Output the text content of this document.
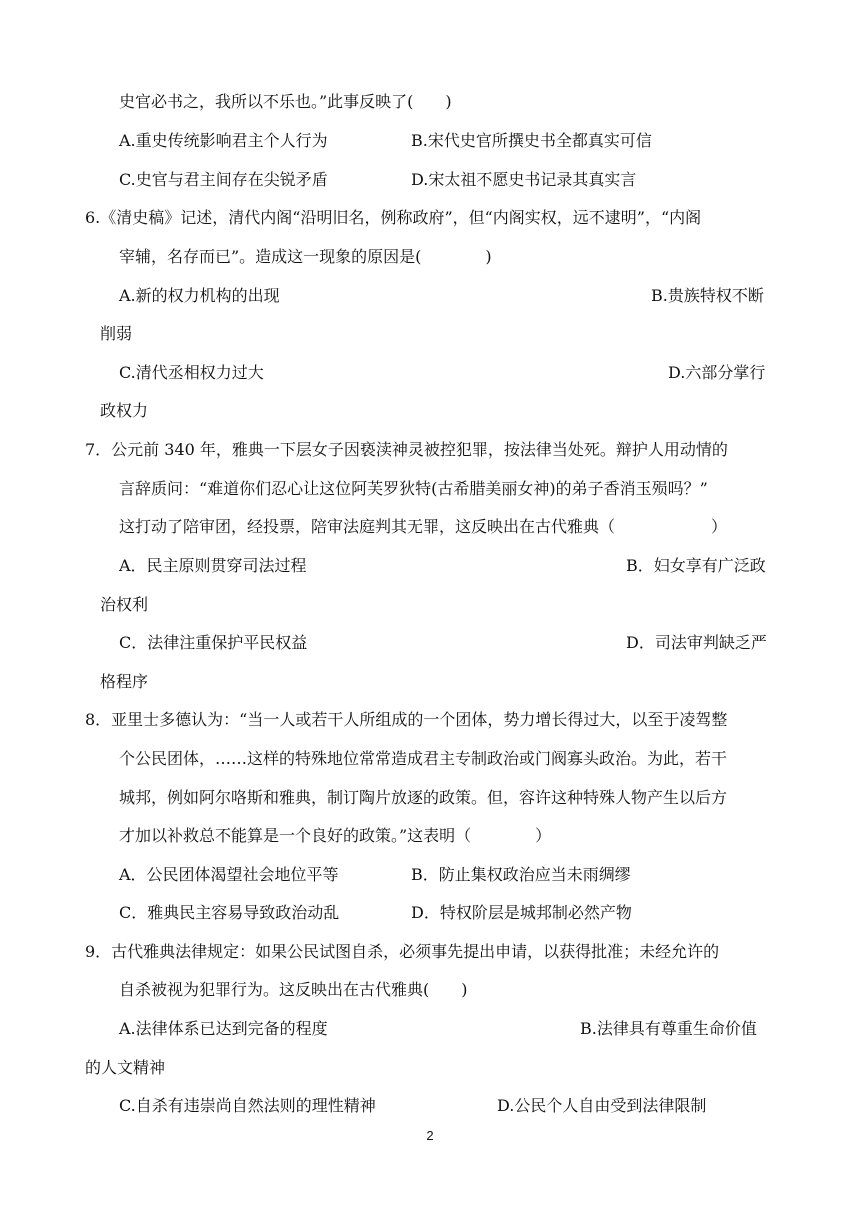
史官必书之，我所以不乐也。”此事反映了(　　)
A.重史传统影响君主个人行为	B.宋代史官所撰史书全都真实可信
C.史官与君主间存在尖锐矛盾	D.宋太祖不愿史书记录其真实言
6.《清史稿》记述，清代内阁“沿明旧名，例称政府”，但“内阁实权，远不逮明”，“内阁
宰辅，名存而已”。造成这一现象的原因是(　　　　)
A.新的权力机构的出现	B.贵族特权不断
削弱
C.清代丞相权力过大	D.六部分掌行
政权力
7．公元前 340 年，雅典一下层女子因亵渎神灵被控犯罪，按法律当处死。辩护人用动情的
言辞质问：“难道你们忍心让这位阿芙罗狄特(古希腊美丽女神)的弟子香消玉殒吗？”
这打动了陪审团，经投票，陪审法庭判其无罪，这反映出在古代雅典（　　　　　　）
A．民主原则贯穿司法过程	B．妇女享有广泛政
治权利
C．法律注重保护平民权益	D．司法审判缺乏严
格程序
8．亚里士多德认为：“当一人或若干人所组成的一个团体，势力增长得过大，以至于凌驾整
个公民团体，……这样的特殊地位常常造成君主专制政治或门阀寡头政治。为此，若干
城邦，例如阿尔咯斯和雅典，制订陶片放逐的政策。但，容许这种特殊人物产生以后方
才加以补救总不能算是一个良好的政策。”这表明（　　　　）
A．公民团体渴望社会地位平等	B．防止集权政治应当未雨绸缪
C．雅典民主容易导致政治动乱	D．特权阶层是城邦制必然产物
9．古代雅典法律规定：如果公民试图自杀，必须事先提出申请，以获得批准；未经允许的
自杀被视为犯罪行为。这反映出在古代雅典(　　)
A.法律体系已达到完备的程度	B.法律具有尊重生命价值
的人文精神
C.自杀有违崇尚自然法则的理性精神	D.公民个人自由受到法律限制
2
